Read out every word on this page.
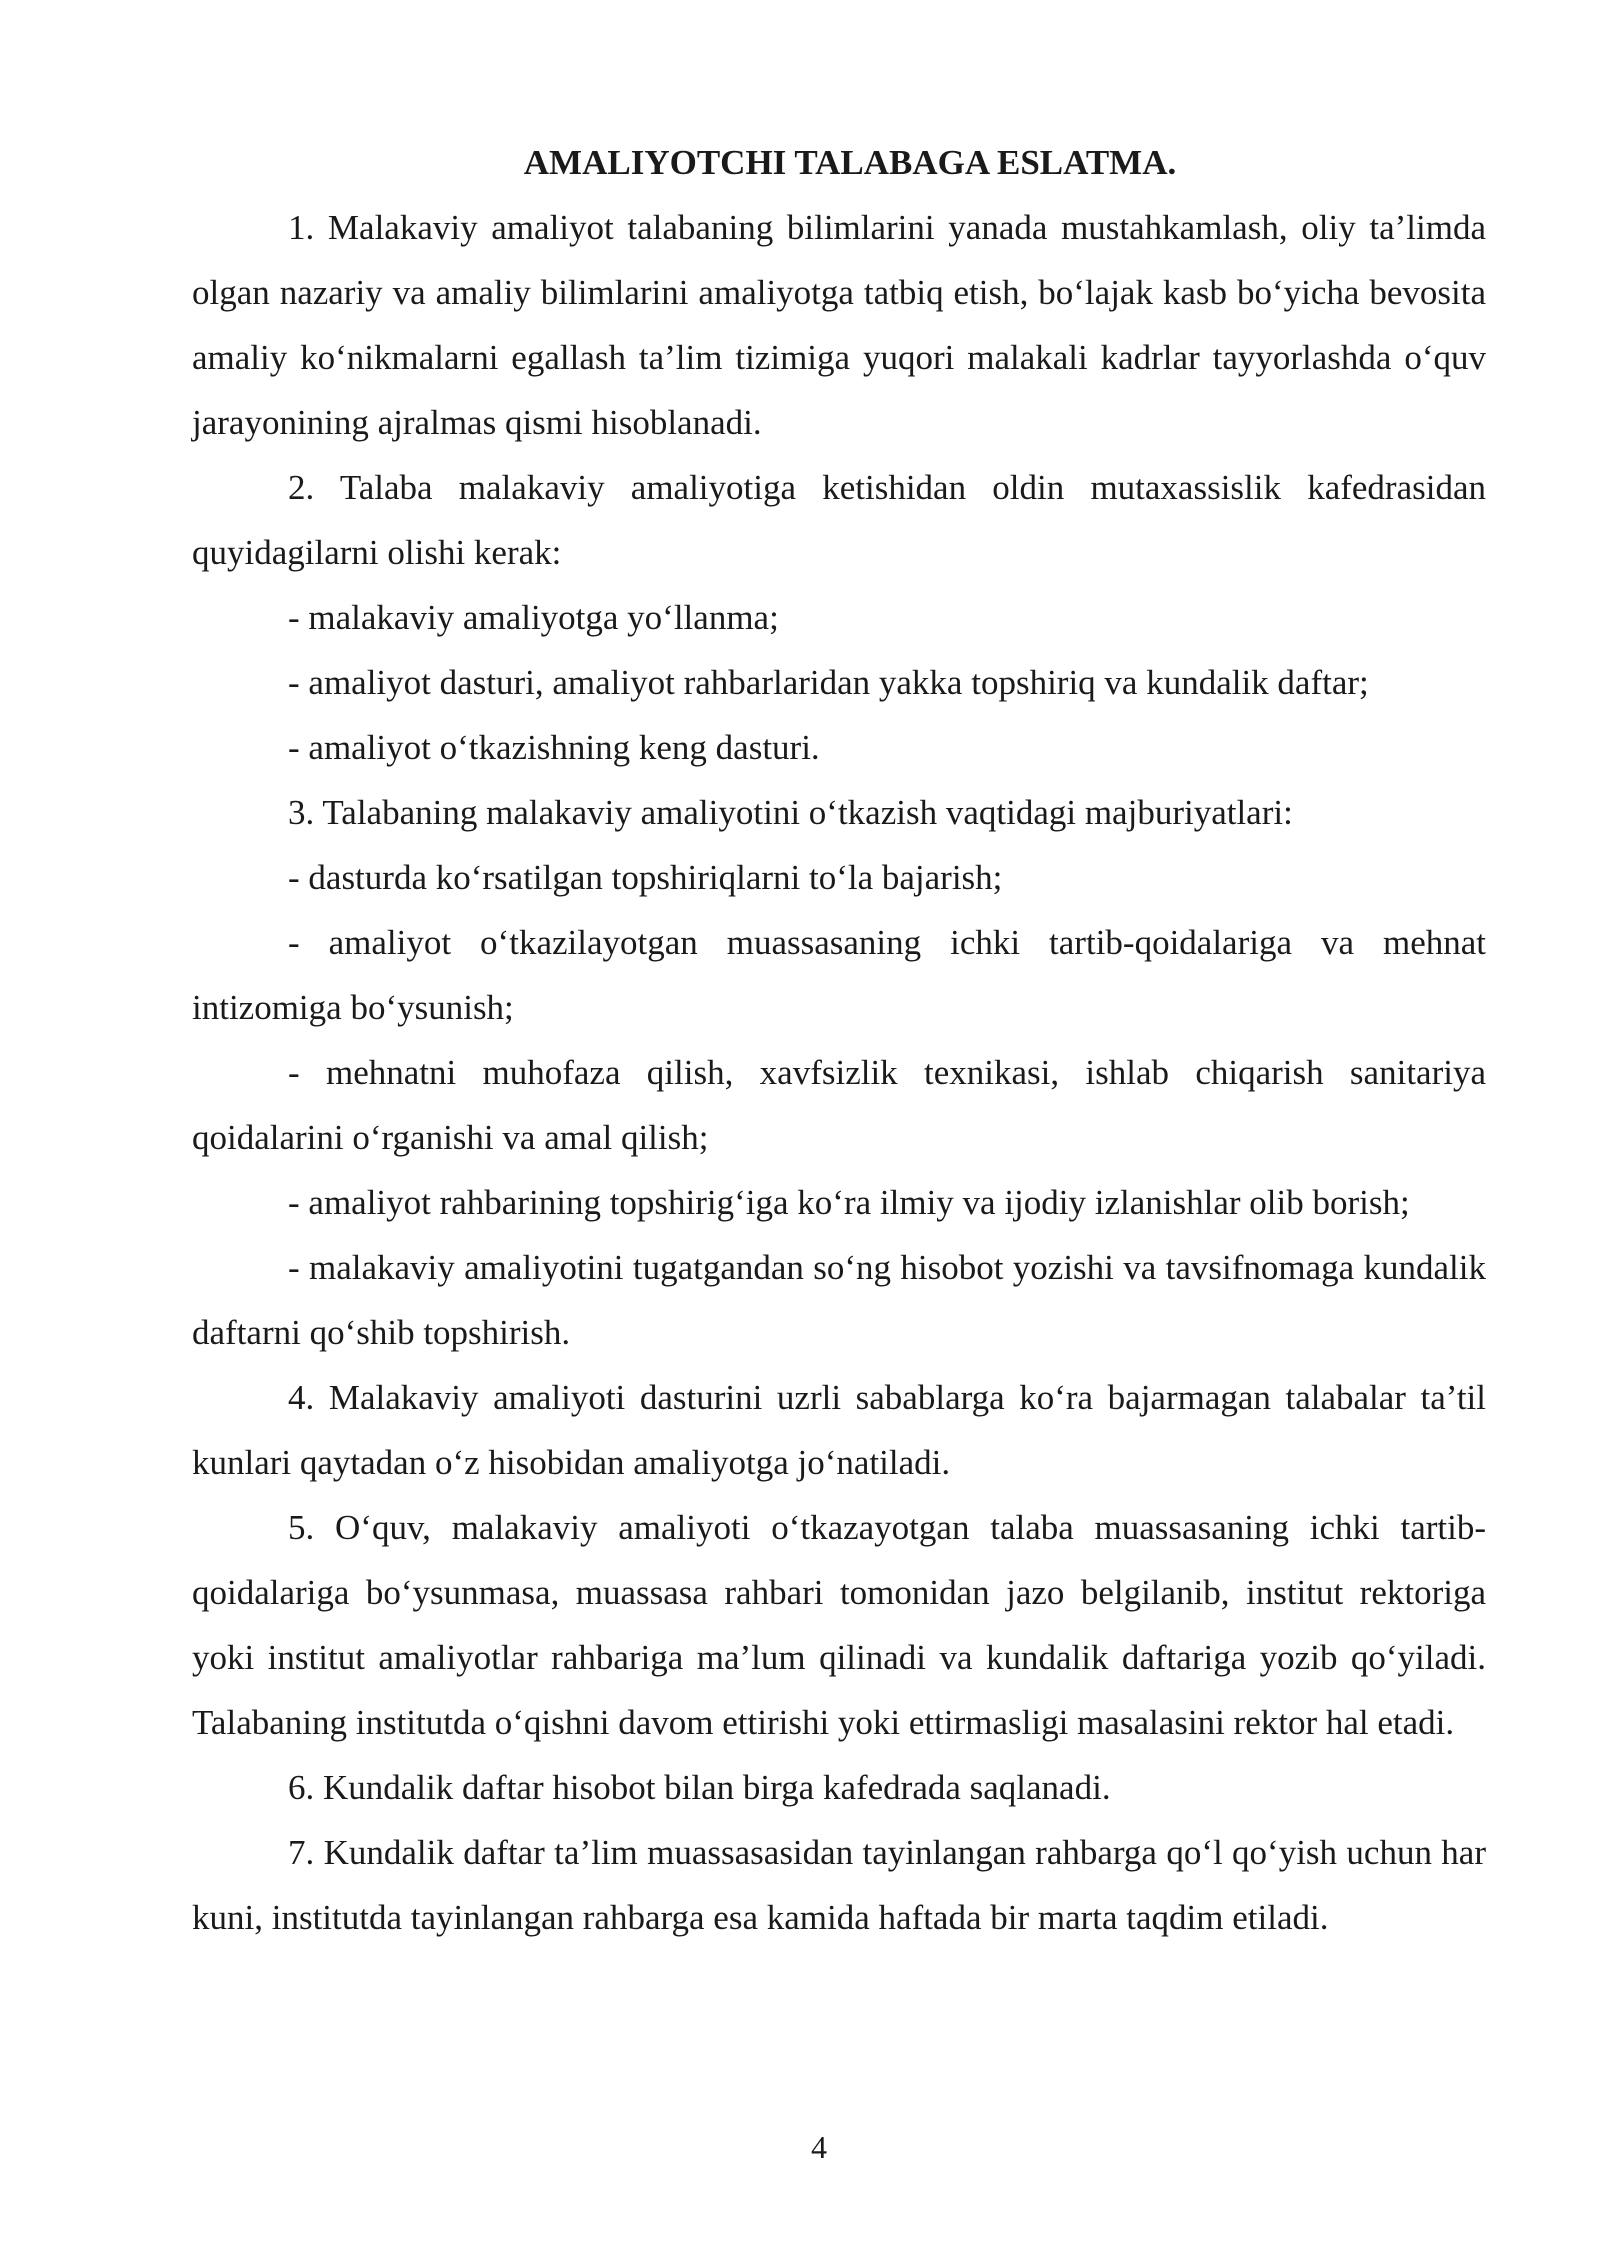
AMALIYOTCHI TALABAGA ESLATMA.

1. Malakaviy amaliyot talabaning bilimlarini yanada mustahkamlash, oliy ta’limda olgan nazariy va amaliy bilimlarini amaliyotga tatbiq etish, bo‘lajak kasb bo‘yicha bevosita amaliy ko‘nikmalarni egallash ta’lim tizimiga yuqori malakali kadrlar tayyorlashda o‘quv jarayonining ajralmas qismi hisoblanadi.

2. Talaba malakaviy amaliyotiga ketishidan oldin mutaxassislik kafedrasidan quyidagilarni olishi kerak:

- malakaviy amaliyotga yo‘llanma;

- amaliyot dasturi, amaliyot rahbarlaridan yakka topshiriq va kundalik daftar;

- amaliyot o‘tkazishning keng dasturi.

3. Talabaning malakaviy amaliyotini o‘tkazish vaqtidagi majburiyatlari:

- dasturda ko‘rsatilgan topshiriqlarni to‘la bajarish;

- amaliyot o‘tkazilayotgan muassasaning ichki tartib-qoidalariga va mehnat intizomiga bo‘ysunish;

- mehnatni muhofaza qilish, xavfsizlik texnikasi, ishlab chiqarish sanitariya qoidalarini o‘rganishi va amal qilish;

- amaliyot rahbarining topshirig‘iga ko‘ra ilmiy va ijodiy izlanishlar olib borish;

- malakaviy amaliyotini tugatgandan so‘ng hisobot yozishi va tavsifnomaga kundalik daftarni qo‘shib topshirish.

4. Malakaviy amaliyoti dasturini uzrli sabablarga ko‘ra bajarmagan talabalar ta’til kunlari qaytadan o‘z hisobidan amaliyotga jo‘natiladi.

5. O‘quv, malakaviy amaliyoti o‘tkazayotgan talaba muassasaning ichki tartib-qoidalariga bo‘ysunmasa, muassasa rahbari tomonidan jazo belgilanib, institut rektoriga yoki institut amaliyotlar rahbariga ma’lum qilinadi va kundalik daftariga yozib qo‘yiladi. Talabaning institutda o‘qishni davom ettirishi yoki ettirmasligi masalasini rektor hal etadi.

6. Kundalik daftar hisobot bilan birga kafedrada saqlanadi.

7. Kundalik daftar ta’lim muassasasidan tayinlangan rahbarga qo‘l qo‘yish uchun har kuni, institutda tayinlangan rahbarga esa kamida haftada bir marta taqdim etiladi.

4
